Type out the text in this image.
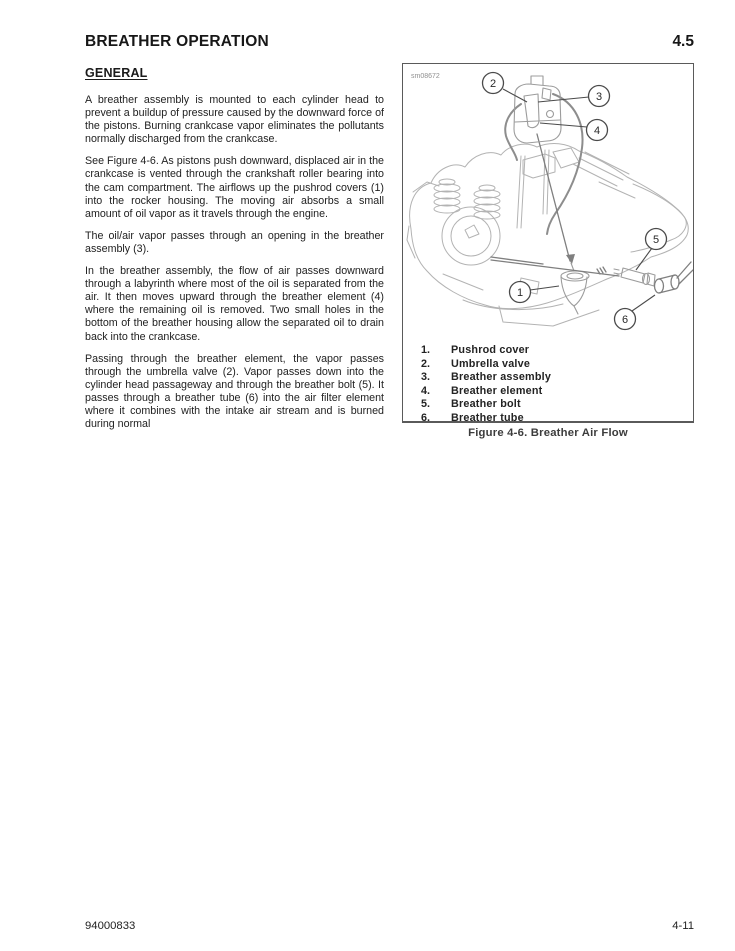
BREATHER OPERATION	4.5
GENERAL

A breather assembly is mounted to each cylinder head to prevent a buildup of pressure caused by the downward force of the pistons. Burning crankcase vapor eliminates the pollutants normally discharged from the crankcase.

See Figure 4-6. As pistons push downward, displaced air in the crankcase is vented through the crankshaft roller bearing into the cam compartment. The airflows up the pushrod covers (1) into the rocker housing. The moving air absorbs a small amount of oil vapor as it travels through the engine.

The oil/air vapor passes through an opening in the breather assembly (3).

In the breather assembly, the flow of air passes downward through a labyrinth where most of the oil is separated from the air. It then moves upward through the breather element (4) where the remaining oil is removed. Two small holes in the bottom of the breather housing allow the separated oil to drain back into the crankcase.

Passing through the breather element, the vapor passes through the umbrella valve (2). Vapor passes down into the cylinder head passageway and through the breather bolt (5). It passes through a breather tube (6) into the air filter element where it combines with the intake air stream and is burned during normal

sm08672
2
3
4
5
1
6
1.	Pushrod cover
2.	Umbrella valve
3.	Breather assembly
4.	Breather element
5.	Breather bolt
6.	Breather tube
Figure 4-6. Breather Air Flow
94000833	4-11
